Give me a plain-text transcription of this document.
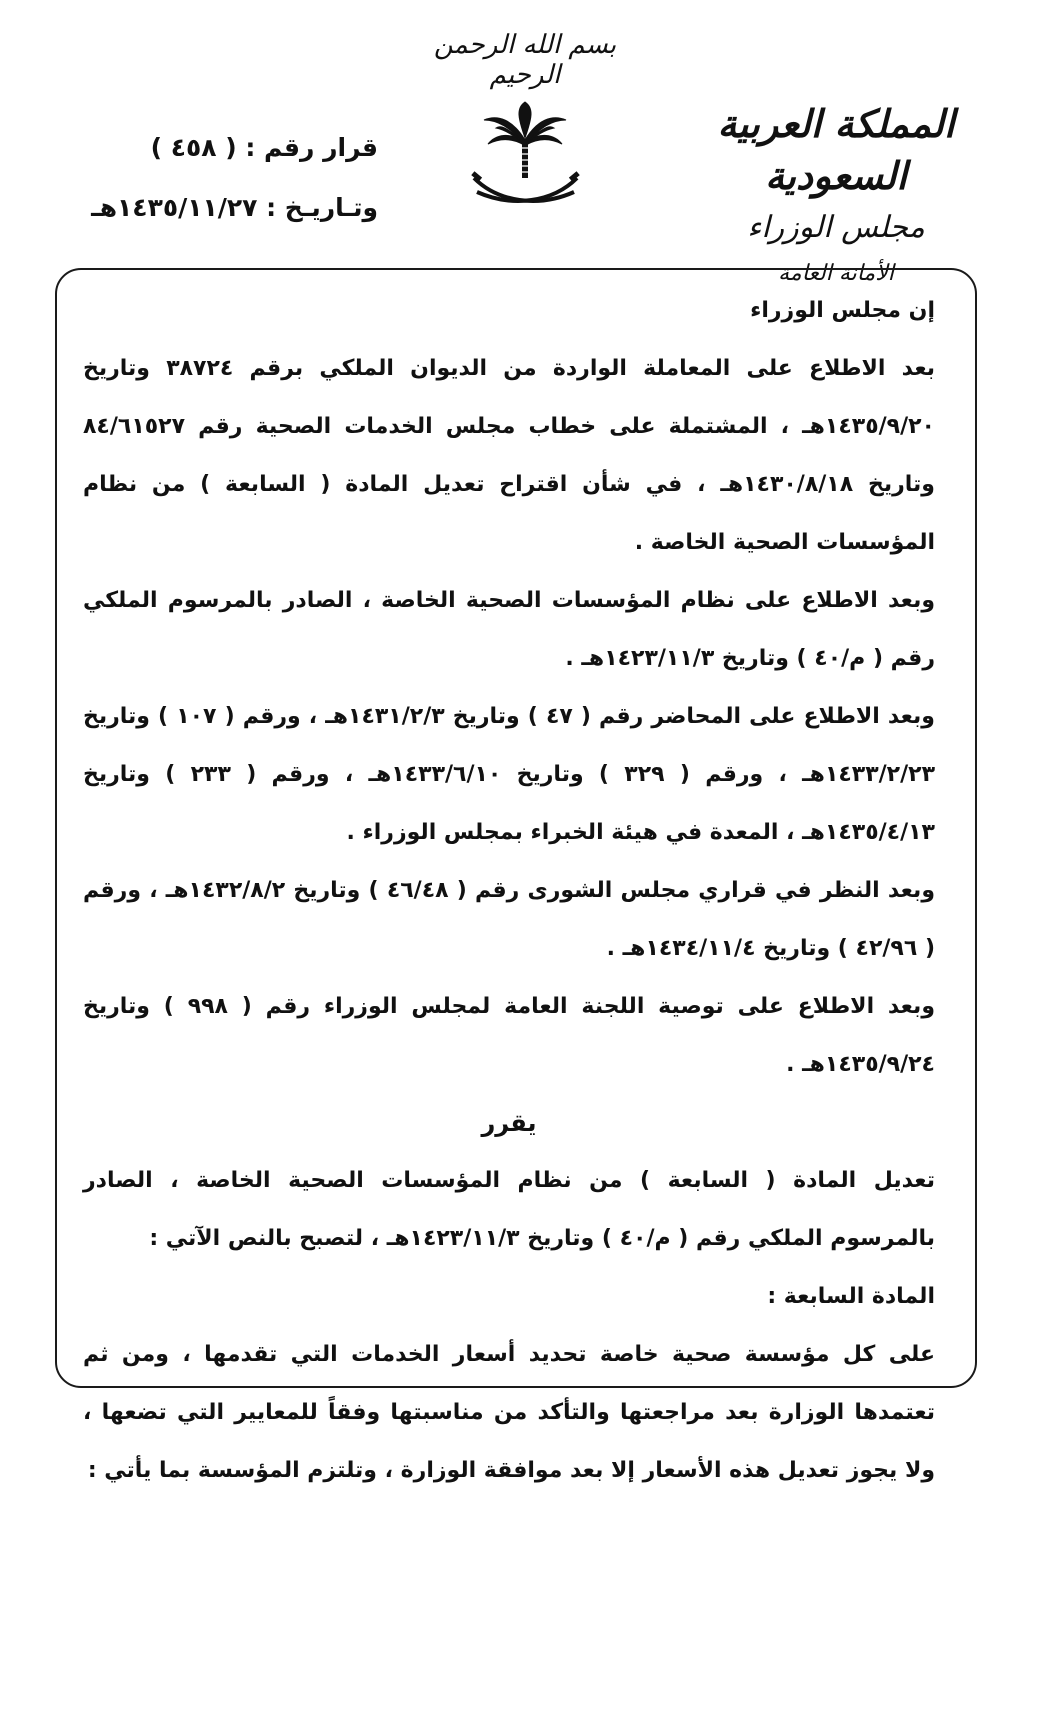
بسم الله الرحمن الرحيم
المملكة العربية السعودية
مجلس الوزراء
الأمانة العامة
قرار رقم : ( ٤٥٨ )
وتـاريـخ : ١٤٣٥/١١/٢٧هـ

إن مجلس الوزراء

بعد الاطلاع على المعاملة الواردة من الديوان الملكي برقم ٣٨٧٢٤ وتاريخ ١٤٣٥/٩/٢٠هـ ، المشتملة على خطاب مجلس الخدمات الصحية رقم ٨٤/٦١٥٢٧ وتاريخ ١٤٣٠/٨/١٨هـ ، في شأن اقتراح تعديل المادة ( السابعة ) من نظام المؤسسات الصحية الخاصة .

وبعد الاطلاع على نظام المؤسسات الصحية الخاصة ، الصادر بالمرسوم الملكي رقم ( م/٤٠ ) وتاريخ ١٤٢٣/١١/٣هـ .

وبعد الاطلاع على المحاضر رقم ( ٤٧ ) وتاريخ ١٤٣١/٢/٣هـ ، ورقم ( ١٠٧ ) وتاريخ ١٤٣٣/٢/٢٣هـ ، ورقم ( ٣٢٩ ) وتاريخ ١٤٣٣/٦/١٠هـ ، ورقم ( ٢٣٣ ) وتاريخ ١٤٣٥/٤/١٣هـ ، المعدة في هيئة الخبراء بمجلس الوزراء .

وبعد النظر في قراري مجلس الشورى رقم ( ٤٦/٤٨ ) وتاريخ ١٤٣٢/٨/٢هـ ، ورقم ( ٤٢/٩٦ ) وتاريخ ١٤٣٤/١١/٤هـ .

وبعد الاطلاع على توصية اللجنة العامة لمجلس الوزراء رقم ( ٩٩٨ ) وتاريخ ١٤٣٥/٩/٢٤هـ .

يقرر

تعديل المادة ( السابعة ) من نظام المؤسسات الصحية الخاصة ، الصادر بالمرسوم الملكي رقم ( م/٤٠ ) وتاريخ ١٤٢٣/١١/٣هـ ، لتصبح بالنص الآتي :

المادة السابعة :

على كل مؤسسة صحية خاصة تحديد أسعار الخدمات التي تقدمها ، ومن ثم تعتمدها الوزارة بعد مراجعتها والتأكد من مناسبتها وفقاً للمعايير التي تضعها ، ولا يجوز تعديل هذه الأسعار إلا بعد موافقة الوزارة ، وتلتزم المؤسسة بما يأتي :
